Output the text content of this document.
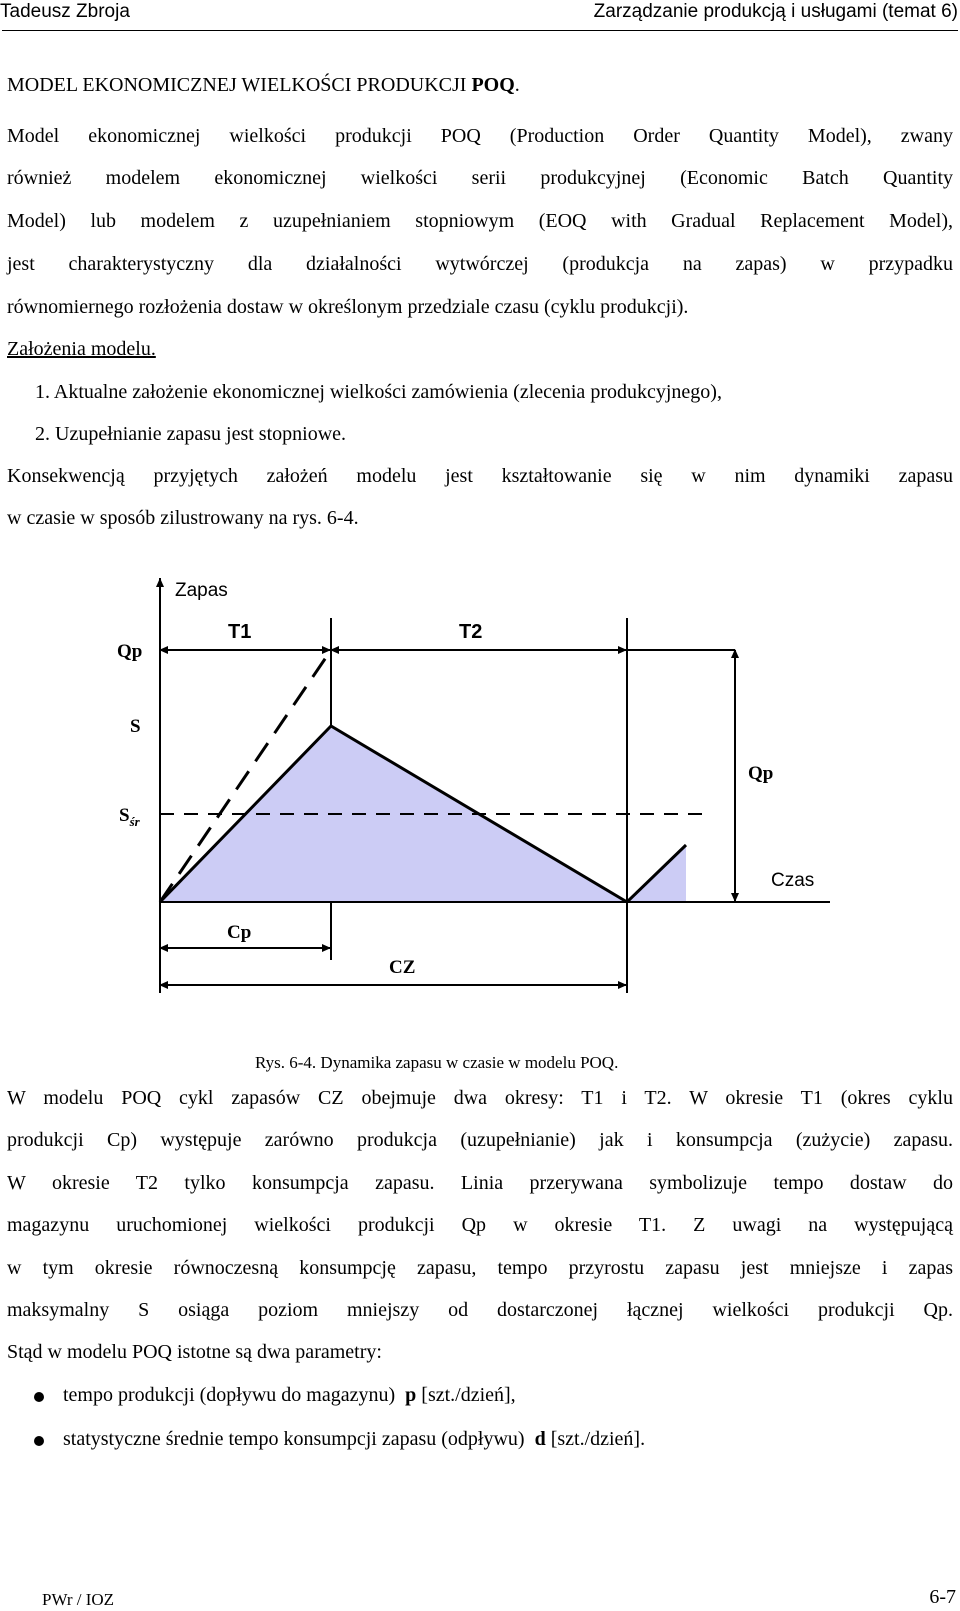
Tadeusz Zbroja	Zarządzanie produkcją i usługami (temat 6)
MODEL EKONOMICZNEJ WIELKOŚCI PRODUKCJI POQ.
Model ekonomicznej wielkości produkcji POQ (Production Order Quantity Model), zwany
również modelem ekonomicznej wielkości serii produkcyjnej (Economic Batch Quantity
Model) lub modelem z uzupełnianiem stopniowym (EOQ with Gradual Replacement Model),
jest charakterystyczny dla działalności wytwórczej (produkcja na zapas) w przypadku
równomiernego rozłożenia dostaw w określonym przedziale czasu (cyklu produkcji).
Założenia modelu.
1. Aktualne założenie ekonomicznej wielkości zamówienia (zlecenia produkcyjnego),
2. Uzupełnianie zapasu jest stopniowe.
Konsekwencją przyjętych założeń modelu jest kształtowanie się w nim dynamiki zapasu
w czasie w sposób zilustrowany na rys. 6-4.
Zapas
Czas
Qp
S
$S_{śr}$
T1	T2
Qp
Cp
CZ
Rys. 6-4. Dynamika zapasu w czasie w modelu POQ.
W modelu POQ cykl zapasów CZ obejmuje dwa okresy: T1 i T2. W okresie T1 (okres cyklu
produkcji Cp) występuje zarówno produkcja (uzupełnianie) jak i konsumpcja (zużycie) zapasu.
W okresie T2 tylko konsumpcja zapasu. Linia przerywana symbolizuje tempo dostaw do
magazynu uruchomionej wielkości produkcji Qp w okresie T1. Z uwagi na występującą
w tym okresie równoczesną konsumpcję zapasu, tempo przyrostu zapasu jest mniejsze i zapas
maksymalny S osiąga poziom mniejszy od dostarczonej łącznej wielkości produkcji Qp.
Stąd w modelu POQ istotne są dwa parametry:
tempo produkcji (dopływu do magazynu) p [szt./dzień],
statystyczne średnie tempo konsumpcji zapasu (odpływu) d [szt./dzień].
PWr / IOZ	6-7
